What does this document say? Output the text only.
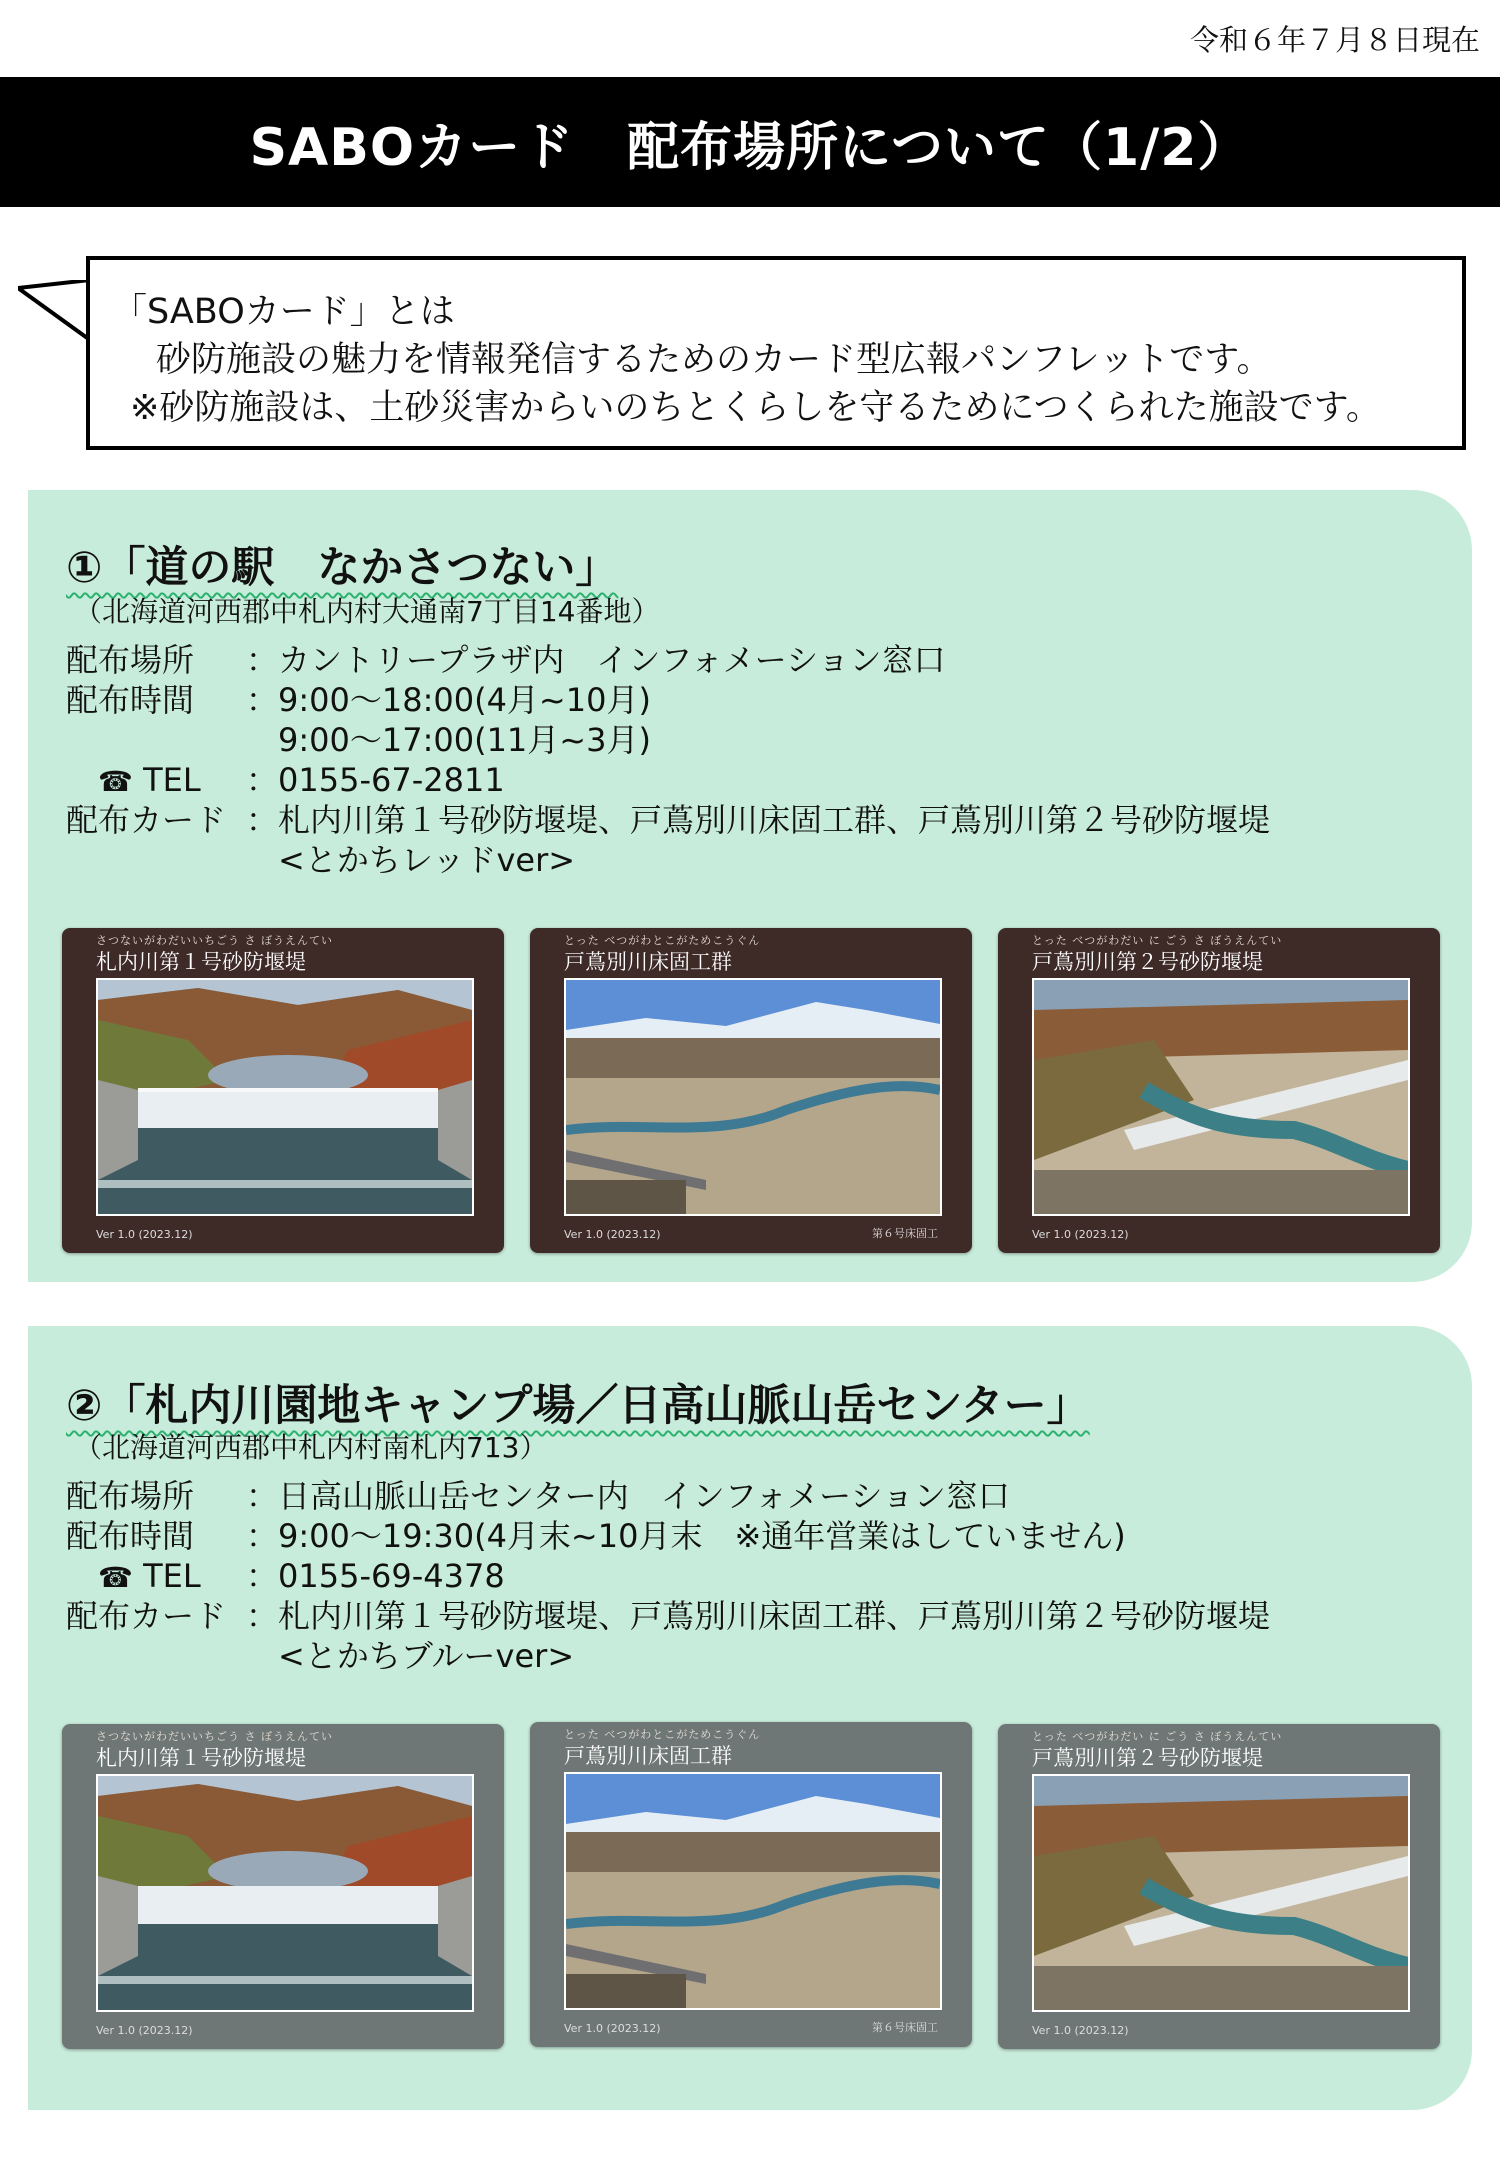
令和６年７月８日現在
SABOカード　配布場所について（1/2）
「SABOカード」とは
砂防施設の魅力を情報発信するためのカード型広報パンフレットです。
※砂防施設は、土砂災害からいのちとくらしを守るためにつくられた施設です。
①「道の駅　なかさつない」
（北海道河西郡中札内村大通南7丁目14番地）
配布場所	：カントリープラザ内　インフォメーション窓口
配布時間	：9:00～18:00(4月~10月)
　9:00～17:00(11月~3月)
　☎ TEL	：0155-67-2811
配布カード ：札内川第１号砂防堰堤、戸蔦別川床固工群、戸蔦別川第２号砂防堰堤
　<とかちレッドver>
さつないがわだいいちごう さ ぼうえんてい
札内川第１号砂防堰堤
Ver 1.0 (2023.12)
とった べつがわとこがためこうぐん
戸蔦別川床固工群
Ver 1.0 (2023.12)	第６号床固工
とった べつがわだい に ごう さ ぼうえんてい
戸蔦別川第２号砂防堰堤
Ver 1.0 (2023.12)
②「札内川園地キャンプ場／日高山脈山岳センター」
（北海道河西郡中札内村南札内713）
配布場所	：日高山脈山岳センター内　インフォメーション窓口
配布時間	：9:00～19:30(4月末~10月末　※通年営業はしていません)
　☎ TEL	：0155-69-4378
配布カード ：札内川第１号砂防堰堤、戸蔦別川床固工群、戸蔦別川第２号砂防堰堤
　<とかちブルーver>
さつないがわだいいちごう さ ぼうえんてい
札内川第１号砂防堰堤
Ver 1.0 (2023.12)
とった べつがわとこがためこうぐん
戸蔦別川床固工群
Ver 1.0 (2023.12)	第６号床固工
とった べつがわだい に ごう さ ぼうえんてい
戸蔦別川第２号砂防堰堤
Ver 1.0 (2023.12)
